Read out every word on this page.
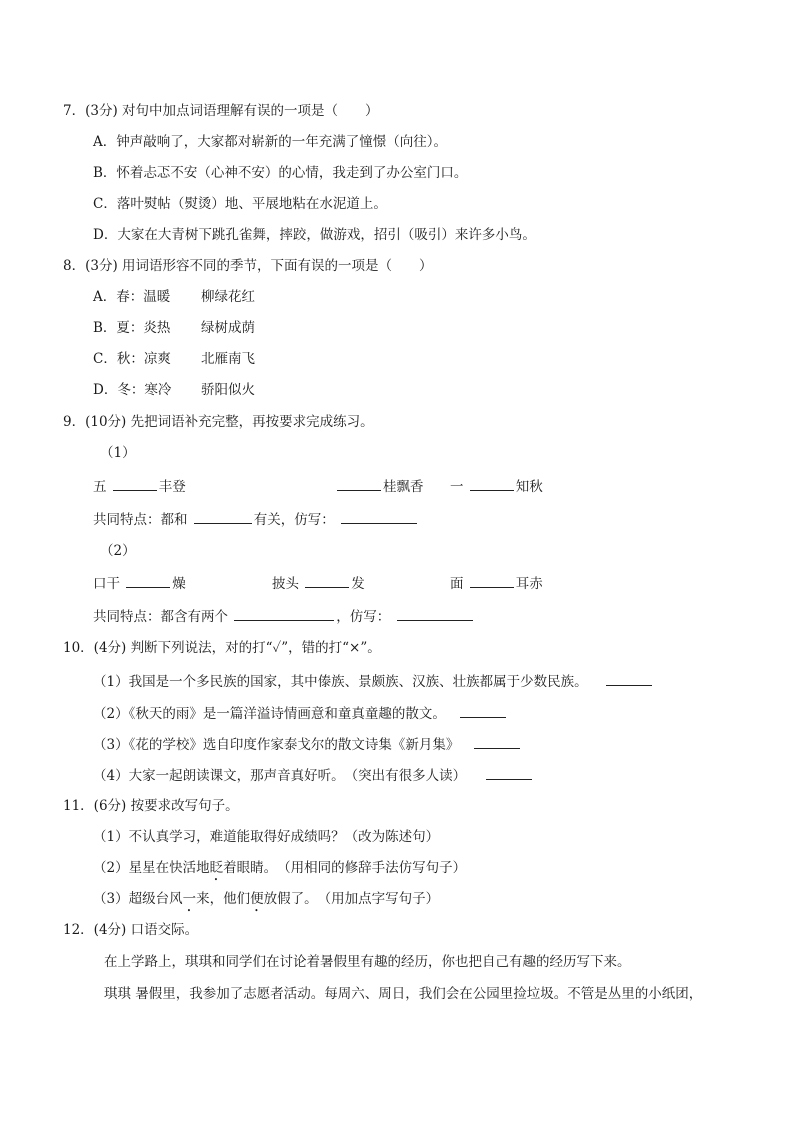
7．(3分) 对句中加点词语理解有误的一项是（　　）
A．钟声敲响了，大家都对崭新的一年充满了憧憬（向往）。
B．怀着忐忑不安（心神不安）的心情，我走到了办公室门口。
C．落叶熨帖（熨烫）地、平展地粘在水泥道上。
D．大家在大青树下跳孔雀舞，摔跤，做游戏，招引（吸引）来许多小鸟。
8．(3分) 用词语形容不同的季节，下面有误的一项是（　　）
A．春：温暖 柳绿花红
B．夏：炎热 绿树成荫
C．秋：凉爽 北雁南飞
D．冬：寒冷 骄阳似火
9．(10分) 先把词语补充完整，再按要求完成练习。
（1）
五	丰登	桂飘香 一	知秋
共同特点：都和	有关，仿写：
（2）
口干	燥	披头	发	面	耳赤
共同特点：都含有两个	，仿写：
10．(4分) 判断下列说法，对的打“✓”，错的打“×”。
（1）我国是一个多民族的国家，其中傣族、景颇族、汉族、壮族都属于少数民族。
（2）《秋天的雨》是一篇洋溢诗情画意和童真童趣的散文。
（3）《花的学校》选自印度作家泰戈尔的散文诗集《新月集》
（4）大家一起朗读课文，那声音真好听。　（突出有很多人读）
11．(6分) 按要求改写句子。
（1）不认真学习，难道能取得好成绩吗？（改为陈述句）
（2）星星在快活地眨着眼睛。　（用相同的修辞手法仿写句子）
（3）超级台风一来，他们便放假了。　（用加点字写句子）
12．(4分) 口语交际。
在上学路上，琪琪和同学们在讨论着暑假里有趣的经历，你也把自己有趣的经历写下来。
琪琪 暑假里，我参加了志愿者活动。每周六、周日，我们会在公园里捡垃圾。不管是丛里的小纸团，
